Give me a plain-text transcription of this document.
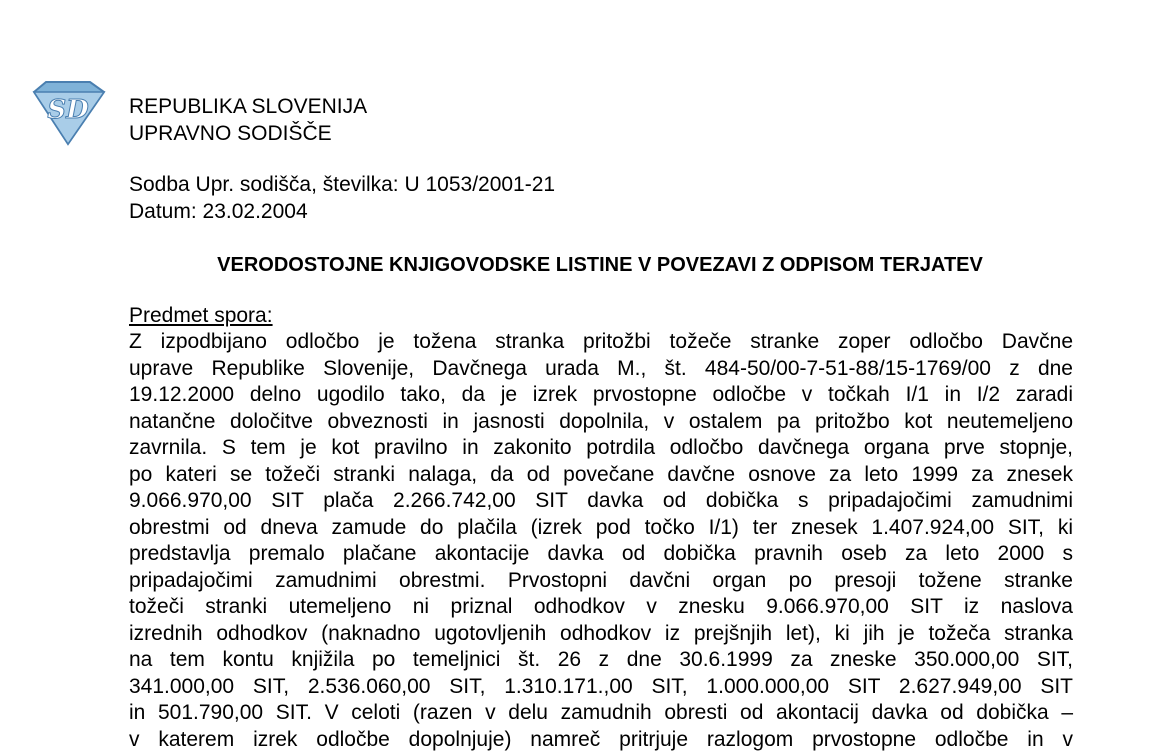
SD REPUBLIKA SLOVENIJA
UPRAVNO SODIŠČE
Sodba Upr. sodišča, številka: U 1053/2001-21
Datum: 23.02.2004
VERODOSTOJNE KNJIGOVODSKE LISTINE V POVEZAVI Z ODPISOM TERJATEV
Predmet spora:
Z izpodbijano odločbo je tožena stranka pritožbi tožeče stranke zoper odločbo Davčne
uprave Republike Slovenije, Davčnega urada M., št. 484-50/00-7-51-88/15-1769/00 z dne
19.12.2000 delno ugodilo tako, da je izrek prvostopne odločbe v točkah I/1 in I/2 zaradi
natančne določitve obveznosti in jasnosti dopolnila, v ostalem pa pritožbo kot neutemeljeno
zavrnila. S tem je kot pravilno in zakonito potrdila odločbo davčnega organa prve stopnje,
po kateri se tožeči stranki nalaga, da od povečane davčne osnove za leto 1999 za znesek
9.066.970,00 SIT plača 2.266.742,00 SIT davka od dobička s pripadajočimi zamudnimi
obrestmi od dneva zamude do plačila (izrek pod točko I/1) ter znesek 1.407.924,00 SIT, ki
predstavlja premalo plačane akontacije davka od dobička pravnih oseb za leto 2000 s
pripadajočimi zamudnimi obrestmi. Prvostopni davčni organ po presoji tožene stranke
tožeči stranki utemeljeno ni priznal odhodkov v znesku 9.066.970,00 SIT iz naslova
izrednih odhodkov (naknadno ugotovljenih odhodkov iz prejšnjih let), ki jih je tožeča stranka
na tem kontu knjižila po temeljnici št. 26 z dne 30.6.1999 za zneske 350.000,00 SIT,
341.000,00 SIT, 2.536.060,00 SIT, 1.310.171.,00 SIT, 1.000.000,00 SIT 2.627.949,00 SIT
in 501.790,00 SIT. V celoti (razen v delu zamudnih obresti od akontacij davka od dobička –
v katerem izrek odločbe dopolnjuje) namreč pritrjuje razlogom prvostopne odločbe in v
